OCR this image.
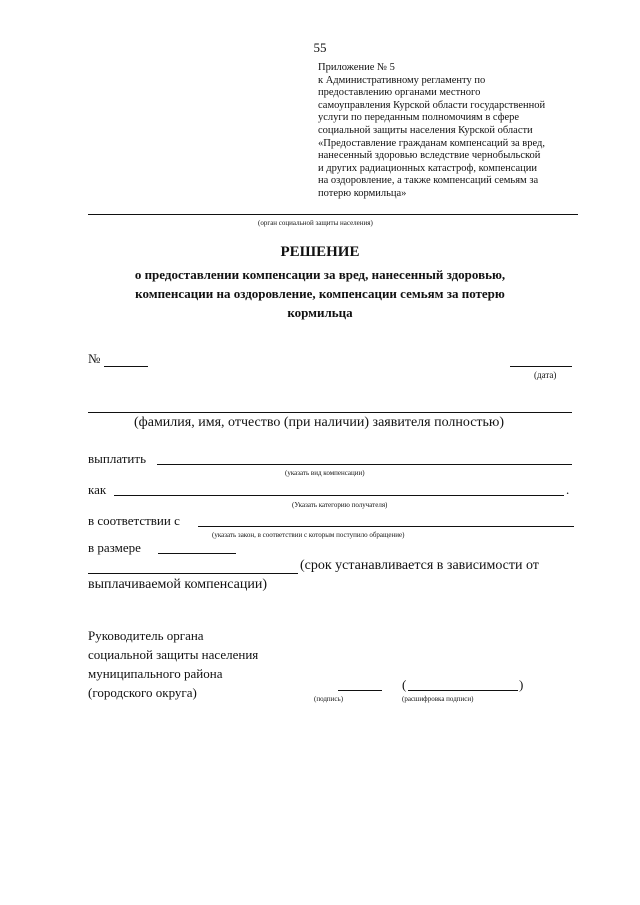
55
Приложение № 5
к Административному регламенту по
предоставлению органами местного
самоуправления Курской области государственной
услуги по переданным полномочиям в сфере
социальной защиты населения Курской области
«Предоставление гражданам компенсаций за вред,
нанесенный здоровью вследствие чернобыльской
и других радиационных катастроф, компенсации
на оздоровление, а также компенсаций семьям за
потерю кормильца»
(орган социальной защиты населения)
РЕШЕНИЕ
о предоставлении компенсации за вред, нанесенный здоровью,
компенсации на оздоровление, компенсации семьям за потерю
кормильца
№
(дата)
(фамилия, имя, отчество (при наличии) заявителя полностью)
выплатить
(указать вид компенсации)
как	.
(Указать категорию получателя)
в соответствии с
(указать закон, в соответствии с которым поступило обращение)
в размере
(срок устанавливается в зависимости от
выплачиваемой компенсации)
Руководитель органа
социальной защиты населения
муниципального района
(городского округа)	(подпись)
(	)
(расшифровка подписи)
